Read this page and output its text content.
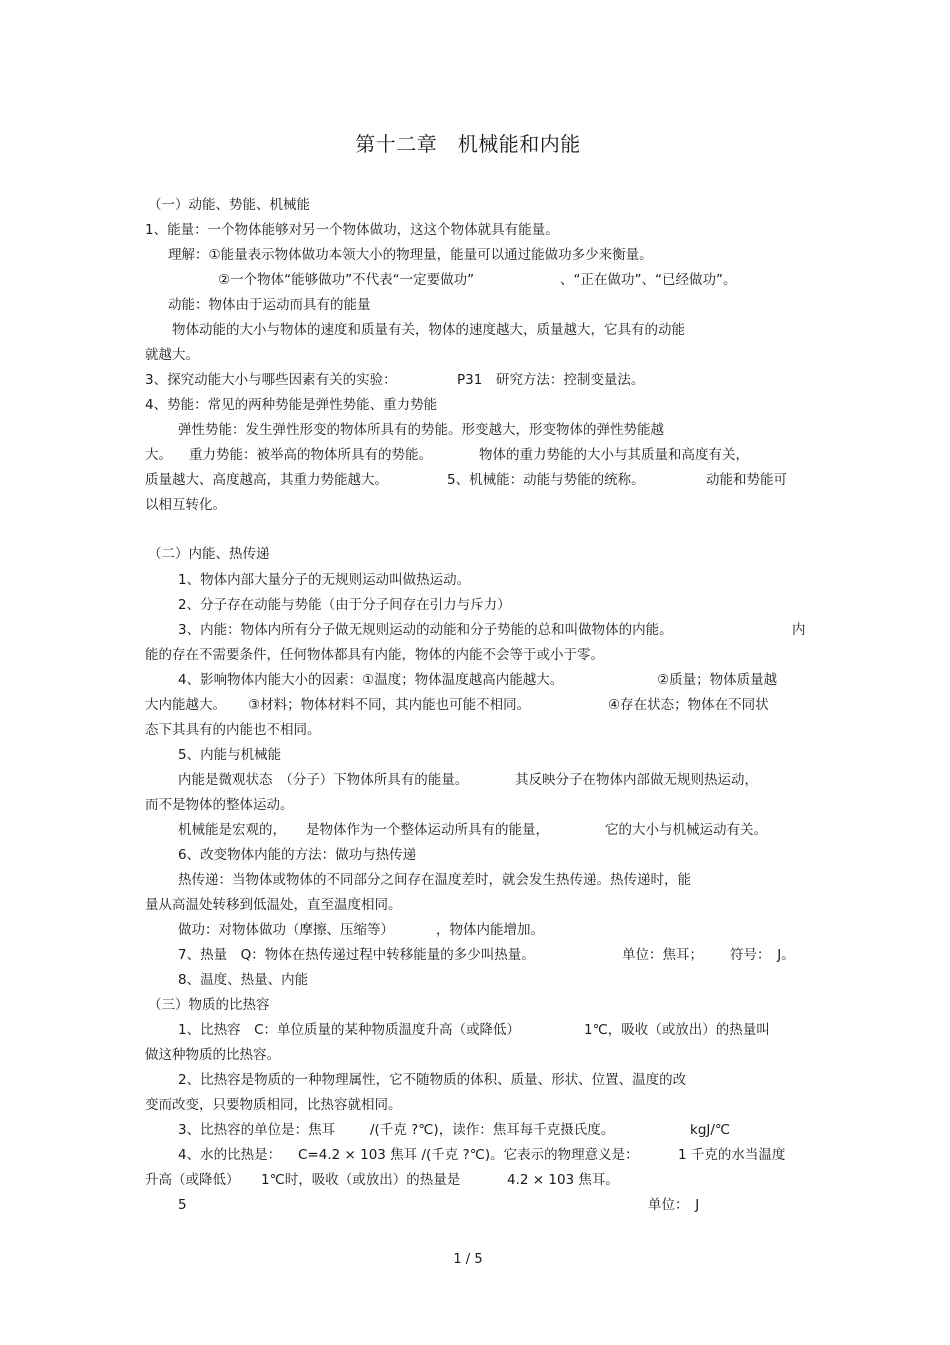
第十二章　机械能和内能
（一）动能、势能、机械能
1、能量：一个物体能够对另一个物体做功，这这个物体就具有能量。
理解：①能量表示物体做功本领大小的物理量，能量可以通过能做功多少来衡量。
②一个物体“能够做功”不代表“一定要做功”	、“正在做功”、“已经做功”。
动能：物体由于运动而具有的能量
物体动能的大小与物体的速度和质量有关，物体的速度越大，质量越大，它具有的动能
就越大。
3、探究动能大小与哪些因素有关的实验：	P31　研究方法：控制变量法。
4、势能：常见的两种势能是弹性势能、重力势能
弹性势能：发生弹性形变的物体所具有的势能。形变越大，形变物体的弹性势能越
大。 重力势能：被举高的物体所具有的势能。	物体的重力势能的大小与其质量和高度有关，
质量越大、高度越高，其重力势能越大。	5、机械能：动能与势能的统称。	动能和势能可
以相互转化。
（二）内能、热传递
1、物体内部大量分子的无规则运动叫做热运动。
2、分子存在动能与势能（由于分子间存在引力与斥力）
3、内能：物体内所有分子做无规则运动的动能和分子势能的总和叫做物体的内能。	内
能的存在不需要条件，任何物体都具有内能，物体的内能不会等于或小于零。
4、影响物体内能大小的因素：①温度；物体温度越高内能越大。	②质量；物体质量越
大内能越大。 ③材料；物体材料不同，其内能也可能不相同。	④存在状态；物体在不同状
态下其具有的内能也不相同。
5、内能与机械能
内能是微观状态　（分子）下物体所具有的能量。	其反映分子在物体内部做无规则热运动，
而不是物体的整体运动。
机械能是宏观的， 是物体作为一个整体运动所具有的能量，	它的大小与机械运动有关。
6、改变物体内能的方法：做功与热传递
热传递：当物体或物体的不同部分之间存在温度差时，就会发生热传递。热传递时，能
量从高温处转移到低温处，直至温度相同。
做功：对物体做功（摩擦、压缩等）	，物体内能增加。
7、热量　Q：物体在热传递过程中转移能量的多少叫热量。	单位：焦耳； 符号：　J。
8、温度、热量、内能
（三）物质的比热容
1、比热容　C：单位质量的某种物质温度升高（或降低）	1℃，吸收（或放出）的热量叫
做这种物质的比热容。
2、比热容是物质的一种物理属性，它不随物质的体积、质量、形状、位置、温度的改
变而改变，只要物质相同，比热容就相同。
3、比热容的单位是：焦耳	/(千克 ?℃)，读作：焦耳每千克摄氏度。	kgJ/℃
4、水的比热是： C=4.2 × 103 焦耳 /(千克 ?℃)。它表示的物理意义是：	1 千克的水当温度
升高（或降低） 1℃时，吸收（或放出）的热量是	4.2 × 103 焦耳。
5	单位：　J
1 / 5
